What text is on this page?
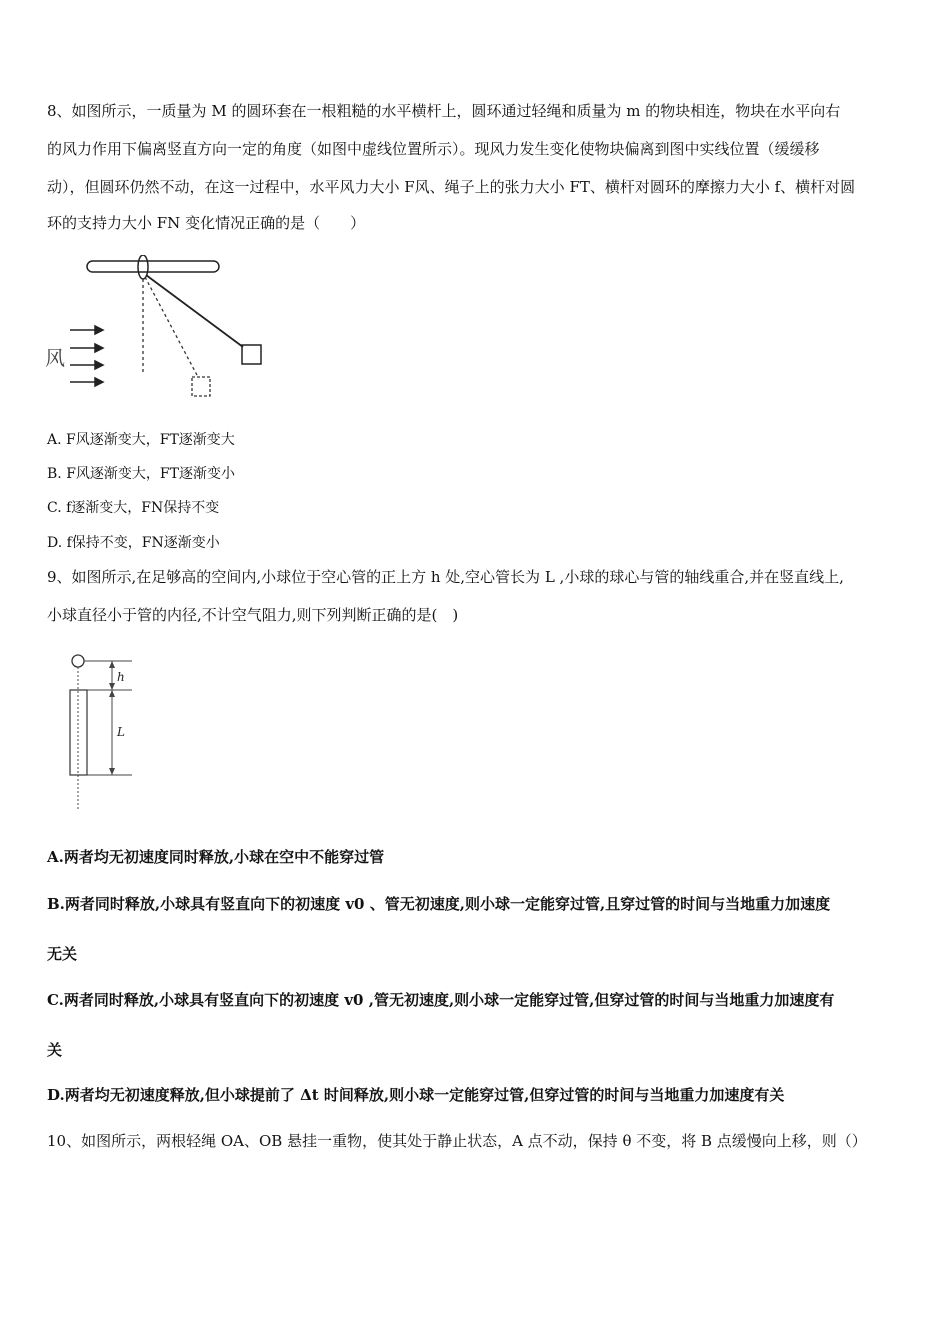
8、如图所示，一质量为 M 的圆环套在一根粗糙的水平横杆上，圆环通过轻绳和质量为 m 的物块相连，物块在水平向右
的风力作用下偏离竖直方向一定的角度（如图中虚线位置所示）。现风力发生变化使物块偏离到图中实线位置（缓缓移
动），但圆环仍然不动，在这一过程中，水平风力大小 F风、绳子上的张力大小 FT、横杆对圆环的摩擦力大小 f、横杆对圆
环的支持力大小 FN 变化情况正确的是（　　）
风
A. F风逐渐变大，FT逐渐变大
B. F风逐渐变大，FT逐渐变小
C. f逐渐变大，FN保持不变
D. f保持不变，FN逐渐变小
9、如图所示,在足够高的空间内,小球位于空心管的正上方 h 处,空心管长为 L ,小球的球心与管的轴线重合,并在竖直线上,
小球直径小于管的内径,不计空气阻力,则下列判断正确的是(　)
h
L
A.两者均无初速度同时释放,小球在空中不能穿过管
B.两者同时释放,小球具有竖直向下的初速度 v0 、管无初速度,则小球一定能穿过管,且穿过管的时间与当地重力加速度
无关
C.两者同时释放,小球具有竖直向下的初速度 v0 ,管无初速度,则小球一定能穿过管,但穿过管的时间与当地重力加速度有
关
D.两者均无初速度释放,但小球提前了 Δt 时间释放,则小球一定能穿过管,但穿过管的时间与当地重力加速度有关
10、如图所示，两根轻绳 OA、OB 悬挂一重物，使其处于静止状态，A 点不动，保持 θ 不变，将 B 点缓慢向上移，则（）
